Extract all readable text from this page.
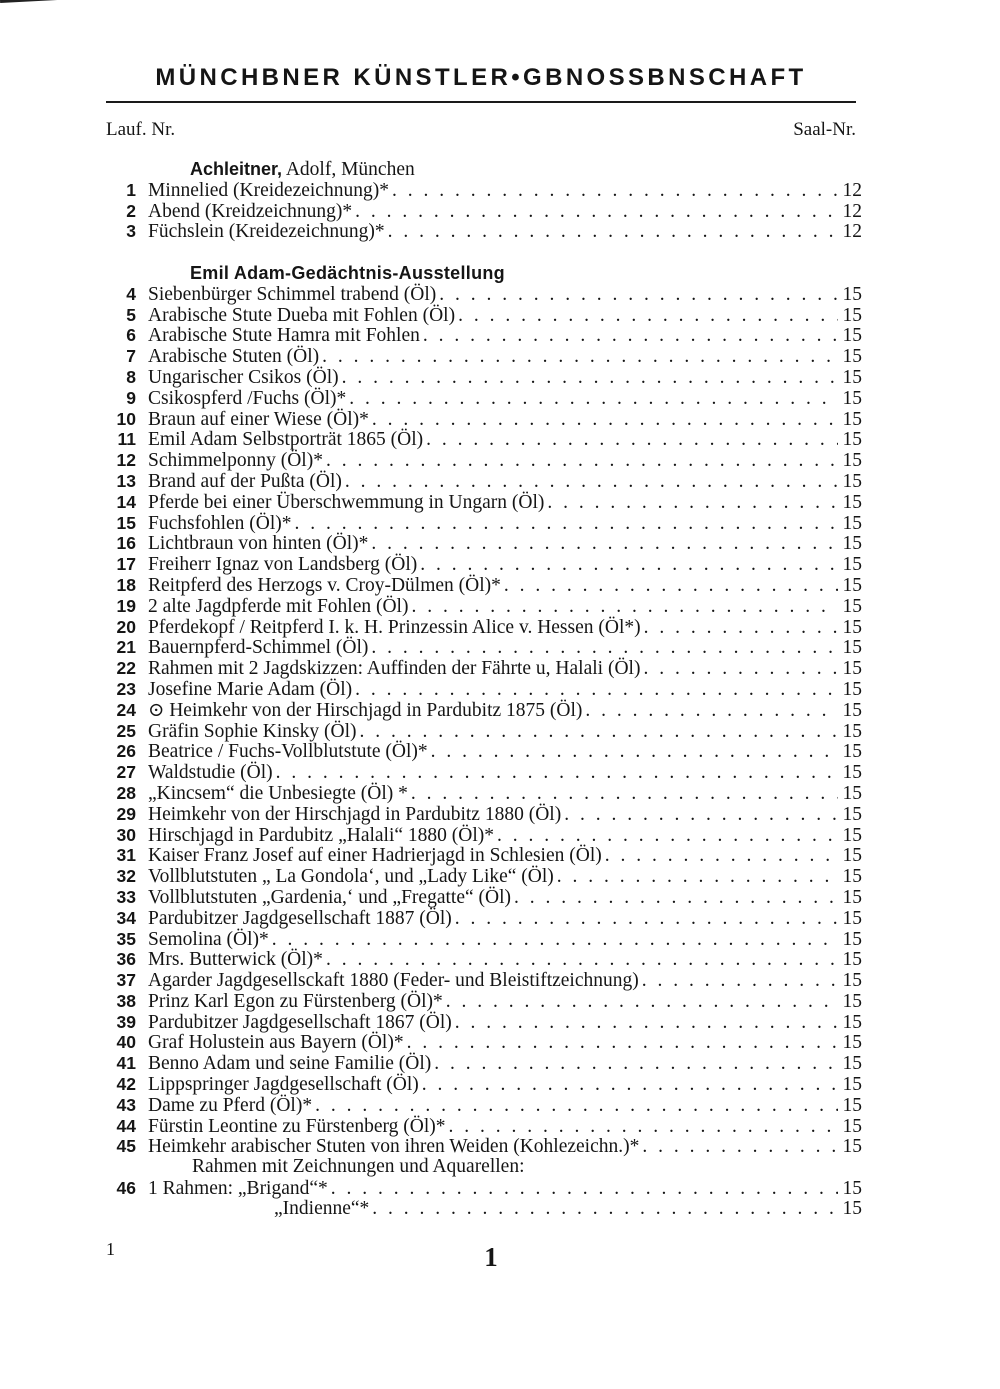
MÜNCHBNER KÜNSTLER•GBNOSSBNSCHAFT
Lauf. Nr.	Saal-Nr.
Achleitner, Adolf, München
1 Minnelied (Kreidezeichnung)* . . .	12
2 Abend (Kreidzeichnung)* . . .	12
3 Füchslein (Kreidezeichnung)* . . .	12
Emil Adam-Gedächtnis-Ausstellung
4 Siebenbürger Schimmel trabend (Öl) . . .	15
5 Arabische Stute Dueba mit Fohlen (Öl) . . .	15
6 Arabische Stute Hamra mit Fohlen . . .	15
7 Arabische Stuten (Öl) . . .	15
8 Ungarischer Csikos (Öl) . . .	15
9 Csikospferd /Fuchs (Öl)* . . .	15
10 Braun auf einer Wiese (Öl)* . . .	15
11 Emil Adam Selbstporträt 1865 (Öl) . . .	15
12 Schimmelponny (Öl)* . . .	15
13 Brand auf der Pußta (Öl) . . .	15
14 Pferde bei einer Überschwemmung in Ungarn (Öl) . . .	15
15 Fuchsfohlen (Öl)* . . .	15
16 Lichtbraun von hinten (Öl)* . . .	15
17 Freiherr Ignaz von Landsberg (Öl) . . .	15
18 Reitpferd des Herzogs v. Croy-Dülmen (Öl)* . . .	15
19 2 alte Jagdpferde mit Fohlen (Öl) . . .	15
20 Pferdekopf / Reitpferd I. k. H. Prinzessin Alice v. Hessen (Öl*) . . .	15
21 Bauernpferd-Schimmel (Öl) . . .	15
22 Rahmen mit 2 Jagdskizzen: Auffinden der Fährte u, Halali (Öl) . . .	15
23 Josefine Marie Adam (Öl) . . .	15
24 ⊙ Heimkehr von der Hirschjagd in Pardubitz 1875 (Öl) . . .	15
25 Gräfin Sophie Kinsky (Öl) . . .	15
26 Beatrice / Fuchs-Vollblutstute (Öl)* . . .	15
27 Waldstudie (Öl) . . .	15
28 „Kincsem“ die Unbesiegte (Öl) * . . .	15
29 Heimkehr von der Hirschjagd in Pardubitz 1880 (Öl) . . .	15
30 Hirschjagd in Pardubitz „Halali“ 1880 (Öl)* . . .	15
31 Kaiser Franz Josef auf einer Hadrierjagd in Schlesien (Öl) . . .	15
32 Vollblutstuten „ La Gondola‘, und „Lady Like“ (Öl) . . .	15
33 Vollblutstuten „Gardenia,‘ und „Fregatte“ (Öl) . . .	15
34 Pardubitzer Jagdgesellschaft 1887 (Öl) . . .	15
35 Semolina (Öl)* . . .	15
36 Mrs. Butterwick (Öl)* . . .	15
37 Agarder Jagdgesellsckaft 1880 (Feder- und Bleistiftzeichnung) . . .	15
38 Prinz Karl Egon zu Fürstenberg (Öl)* . . .	15
39 Pardubitzer Jagdgesellschaft 1867 (Öl) . . .	15
40 Graf Holustein aus Bayern (Öl)* . . .	15
41 Benno Adam und seine Familie (Öl) . . .	15
42 Lippspringer Jagdgesellschaft (Öl) . . .	15
43 Dame zu Pferd (Öl)* . . .	15
44 Fürstin Leontine zu Fürstenberg (Öl)* . . .	15
45 Heimkehr arabischer Stuten von ihren Weiden (Kohlezeichn.)* . . .	15
Rahmen mit Zeichnungen und Aquarellen:
46 1 Rahmen: „Brigand“* . . .	15
„Indienne“* . . .	15
1	1
